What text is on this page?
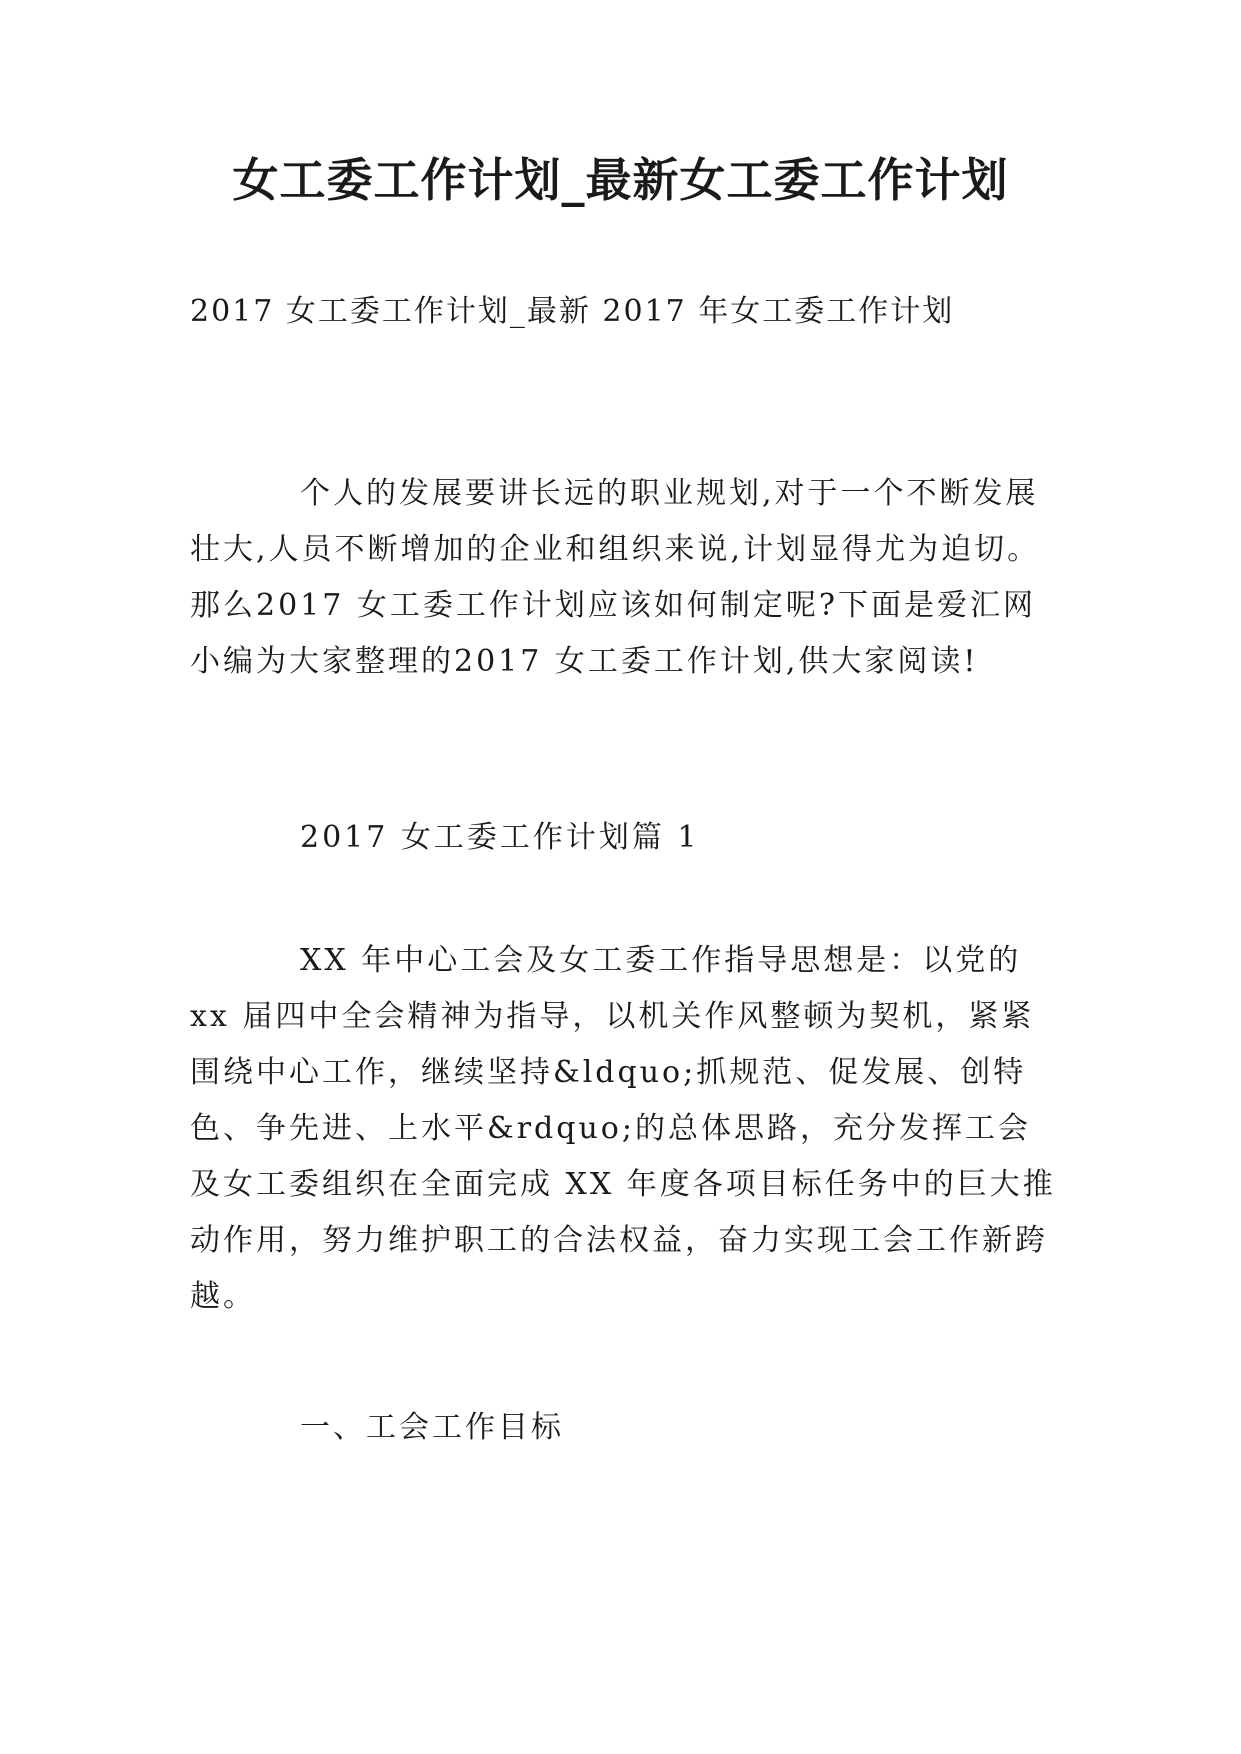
女工委工作计划_最新女工委工作计划
2017 女工委工作计划_最新 2017 年女工委工作计划

个人的发展要讲长远的职业规划,对于一个不断发展壮大,人员不断增加的企业和组织来说,计划显得尤为迫切。那么2017 女工委工作计划应该如何制定呢?下面是爱汇网小编为大家整理的2017 女工委工作计划,供大家阅读!

2017 女工委工作计划篇 1

XX 年中心工会及女工委工作指导思想是：以党的 xx 届四中全会精神为指导，以机关作风整顿为契机，紧紧围绕中心工作，继续坚持&ldquo;抓规范、促发展、创特色、争先进、上水平&rdquo;的总体思路，充分发挥工会及女工委组织在全面完成 XX 年度各项目标任务中的巨大推动作用，努力维护职工的合法权益，奋力实现工会工作新跨越。

一、工会工作目标
